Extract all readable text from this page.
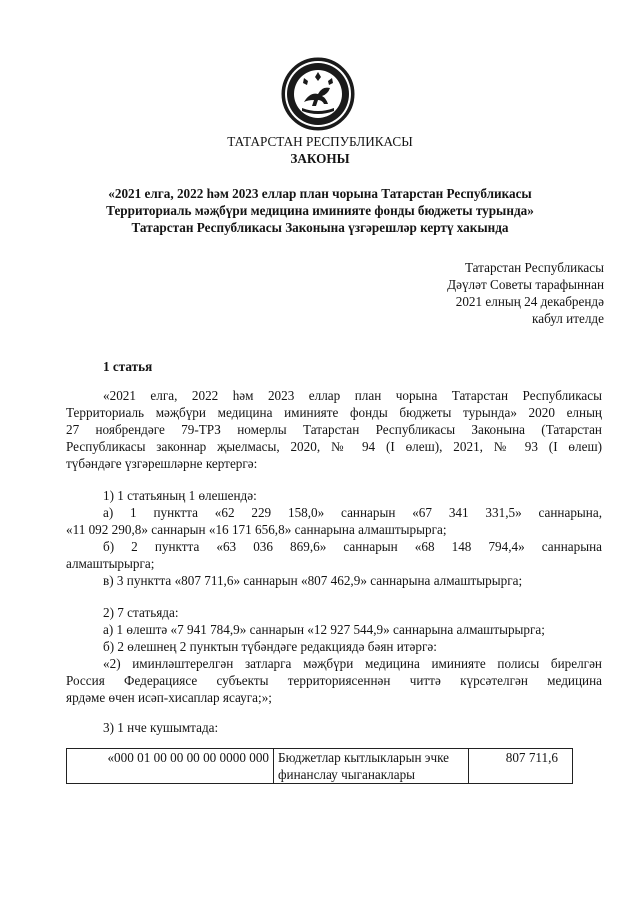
ТАТАРСТАН РЕСПУБЛИКАСЫ
ЗАКОНЫ
«2021 елга, 2022 һәм 2023 еллар план чорына Татарстан Республикасы
Территориаль мәҗбүри медицина иминияте фонды бюджеты турында»
Татарстан Республикасы Законына үзгәрешләр кертү хакында
Татарстан Республикасы
Дәүләт Советы тарафыннан
2021 елның 24 декабрендә
кабул ителде
1 статья
«2021 елга, 2022 һәм 2023 еллар план чорына Татарстан Республикасы
Территориаль мәҗбүри медицина иминияте фонды бюджеты турында» 2020 елның
27 ноябрендәге 79-ТРЗ номерлы Татарстан Республикасы Законына (Татарстан
Республикасы законнар җыелмасы, 2020, № 94 (I өлеш), 2021, № 93 (I өлеш)
түбәндәге үзгәрешләрне кертергә:
1) 1 статьяның 1 өлешендә:
а) 1 пунктта «62 229 158,0» саннарын «67 341 331,5» саннарына,
«11 092 290,8» саннарын «16 171 656,8» саннарына алмаштырырга;
б) 2 пунктта «63 036 869,6» саннарын «68 148 794,4» саннарына
алмаштырырга;
в) 3 пунктта «807 711,6» саннарын «807 462,9» саннарына алмаштырырга;
2) 7 статьяда:
а) 1 өлештә «7 941 784,9» саннарын «12 927 544,9» саннарына алмаштырырга;
б) 2 өлешнең 2 пунктын түбәндәге редакциядә бәян итәргә:
«2) иминләштерелгән затларга мәҗбүри медицина иминияте полисы бирелгән
Россия Федерациясе субъекты территориясеннән читтә күрсәтелгән медицина
ярдәме өчен исәп-хисаплар ясауга;»;
3) 1 нче кушымтада:
«000 01 00 00 00 00 0000 000	Бюджетлар кытлыкларын эчке финанслау чыганаклары	807 711,6
